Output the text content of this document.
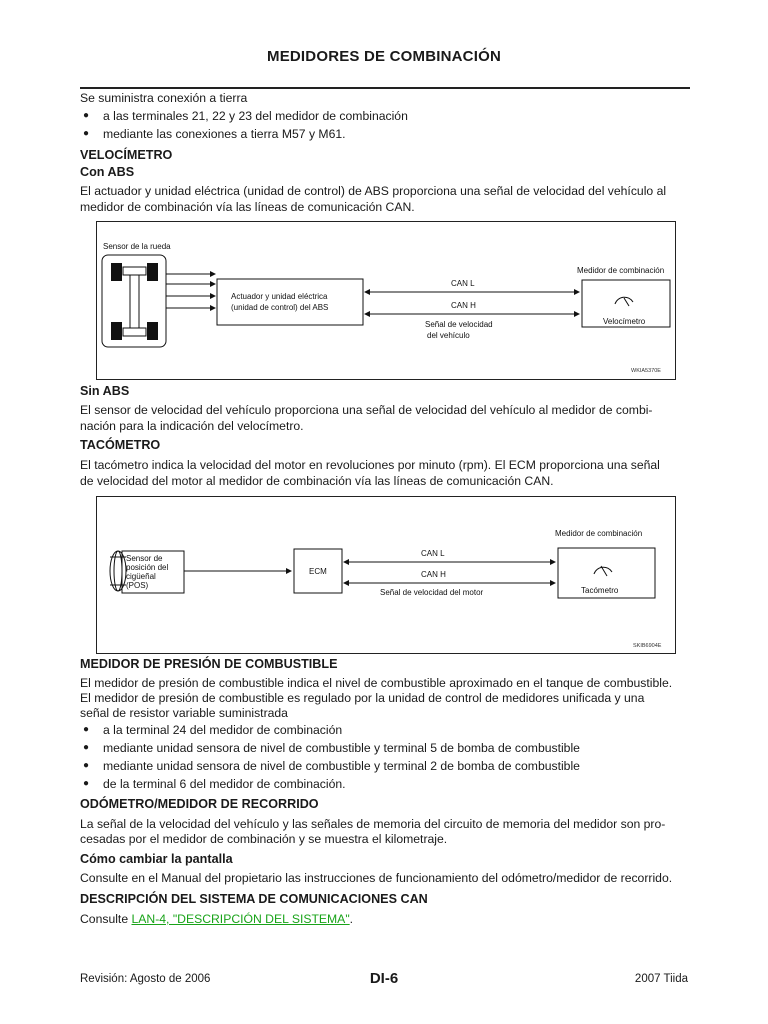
MEDIDORES DE COMBINACIÓN
Se suministra conexión a tierra
● a las terminales 21, 22 y 23 del medidor de combinación
● mediante las conexiones a tierra M57 y M61.
VELOCÍMETRO
Con ABS
El actuador y unidad eléctrica (unidad de control) de ABS proporciona una señal de velocidad del vehículo al
medidor de combinación vía las líneas de comunicación CAN.
Sensor de la rueda
Actuador y unidad eléctrica
(unidad de control) del ABS
CAN L
CAN H
Señal de velocidad
del vehículo
Medidor de combinación
Velocímetro
WKIA5370E
Sin ABS
El sensor de velocidad del vehículo proporciona una señal de velocidad del vehículo al medidor de combi-
nación para la indicación del velocímetro.
TACÓMETRO
El tacómetro indica la velocidad del motor en revoluciones por minuto (rpm). El ECM proporciona una señal
de velocidad del motor al medidor de combinación vía las líneas de comunicación CAN.
Sensor de
posición del
cigüeñal
(POS)
ECM
CAN L
CAN H
Señal de velocidad del motor
Medidor de combinación
Tacómetro
SKIB6904E
MEDIDOR DE PRESIÓN DE COMBUSTIBLE
El medidor de presión de combustible indica el nivel de combustible aproximado en el tanque de combustible.
El medidor de presión de combustible es regulado por la unidad de control de medidores unificada y una
señal de resistor variable suministrada
● a la terminal 24 del medidor de combinación
● mediante unidad sensora de nivel de combustible y terminal 5 de bomba de combustible
● mediante unidad sensora de nivel de combustible y terminal 2 de bomba de combustible
● de la terminal 6 del medidor de combinación.
ODÓMETRO/MEDIDOR DE RECORRIDO
La señal de la velocidad del vehículo y las señales de memoria del circuito de memoria del medidor son pro-
cesadas por el medidor de combinación y se muestra el kilometraje.
Cómo cambiar la pantalla
Consulte en el Manual del propietario las instrucciones de funcionamiento del odómetro/medidor de recorrido.
DESCRIPCIÓN DEL SISTEMA DE COMUNICACIONES CAN
Consulte LAN-4, "DESCRIPCIÓN DEL SISTEMA".
Revisión: Agosto de 2006	DI-6	2007 Tiida
